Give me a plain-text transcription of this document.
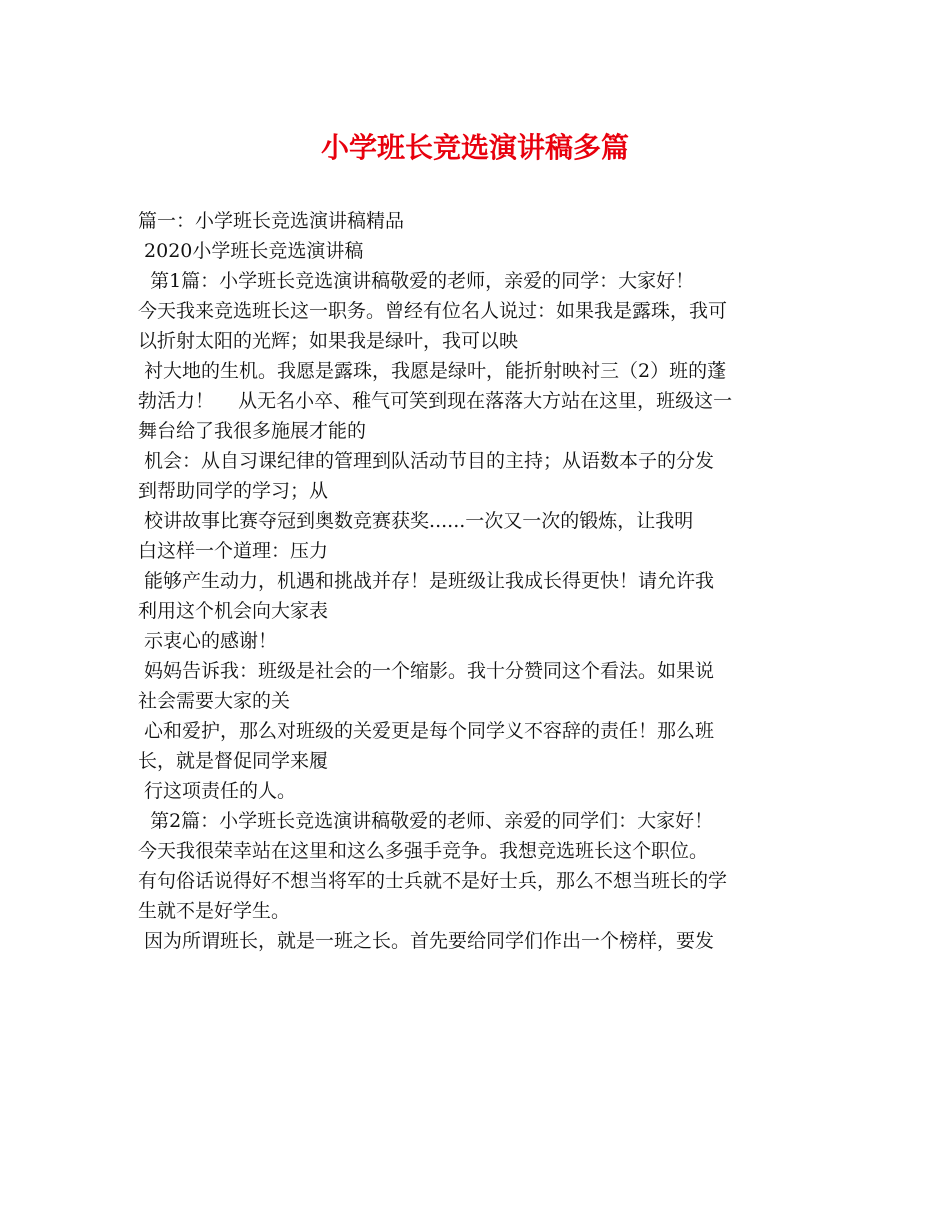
小学班长竞选演讲稿多篇
篇一：小学班长竞选演讲稿精品
2020小学班长竞选演讲稿
第1篇：小学班长竞选演讲稿敬爱的老师，亲爱的同学：大家好！
今天我来竞选班长这一职务。曾经有位名人说过：如果我是露珠，我可
以折射太阳的光辉；如果我是绿叶，我可以映
衬大地的生机。我愿是露珠，我愿是绿叶，能折射映衬三（2）班的蓬
勃活力！    从无名小卒、稚气可笑到现在落落大方站在这里，班级这一
舞台给了我很多施展才能的
机会：从自习课纪律的管理到队活动节目的主持；从语数本子的分发
到帮助同学的学习；从
校讲故事比赛夺冠到奥数竞赛获奖......一次又一次的锻炼，让我明
白这样一个道理：压力
能够产生动力，机遇和挑战并存！是班级让我成长得更快！请允许我
利用这个机会向大家表
示衷心的感谢！
妈妈告诉我：班级是社会的一个缩影。我十分赞同这个看法。如果说
社会需要大家的关
心和爱护，那么对班级的关爱更是每个同学义不容辞的责任！那么班
长，就是督促同学来履
行这项责任的人。
第2篇：小学班长竞选演讲稿敬爱的老师、亲爱的同学们：大家好！
今天我很荣幸站在这里和这么多强手竞争。我想竞选班长这个职位。
有句俗话说得好不想当将军的士兵就不是好士兵，那么不想当班长的学
生就不是好学生。
因为所谓班长，就是一班之长。首先要给同学们作出一个榜样，要发
